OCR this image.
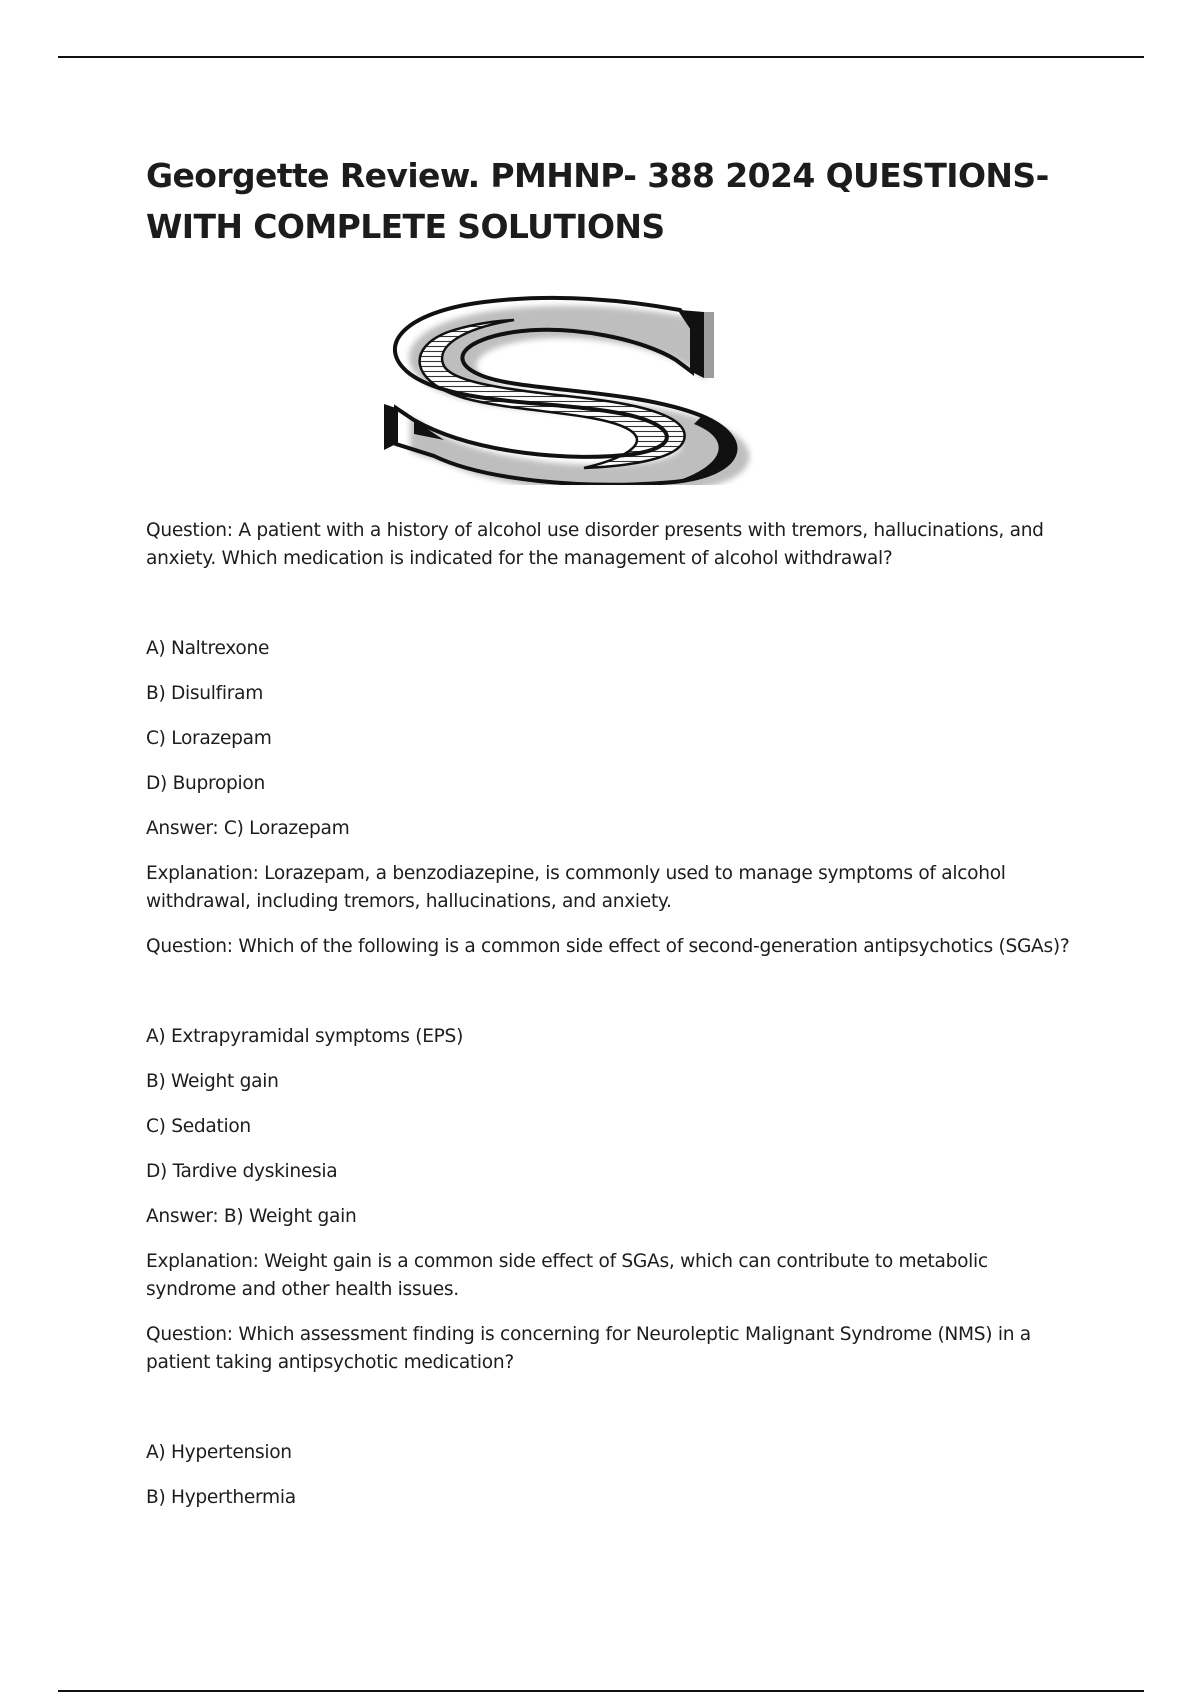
Georgette Review. PMHNP- 388 2024 QUESTIONS- WITH COMPLETE SOLUTIONS
Question: A patient with a history of alcohol use disorder presents with tremors, hallucinations, and anxiety. Which medication is indicated for the management of alcohol withdrawal?
A) Naltrexone
B) Disulfiram
C) Lorazepam
D) Bupropion
Answer: C) Lorazepam
Explanation: Lorazepam, a benzodiazepine, is commonly used to manage symptoms of alcohol withdrawal, including tremors, hallucinations, and anxiety.
Question: Which of the following is a common side effect of second-generation antipsychotics (SGAs)?
A) Extrapyramidal symptoms (EPS)
B) Weight gain
C) Sedation
D) Tardive dyskinesia
Answer: B) Weight gain
Explanation: Weight gain is a common side effect of SGAs, which can contribute to metabolic syndrome and other health issues.
Question: Which assessment finding is concerning for Neuroleptic Malignant Syndrome (NMS) in a patient taking antipsychotic medication?
A) Hypertension
B) Hyperthermia
